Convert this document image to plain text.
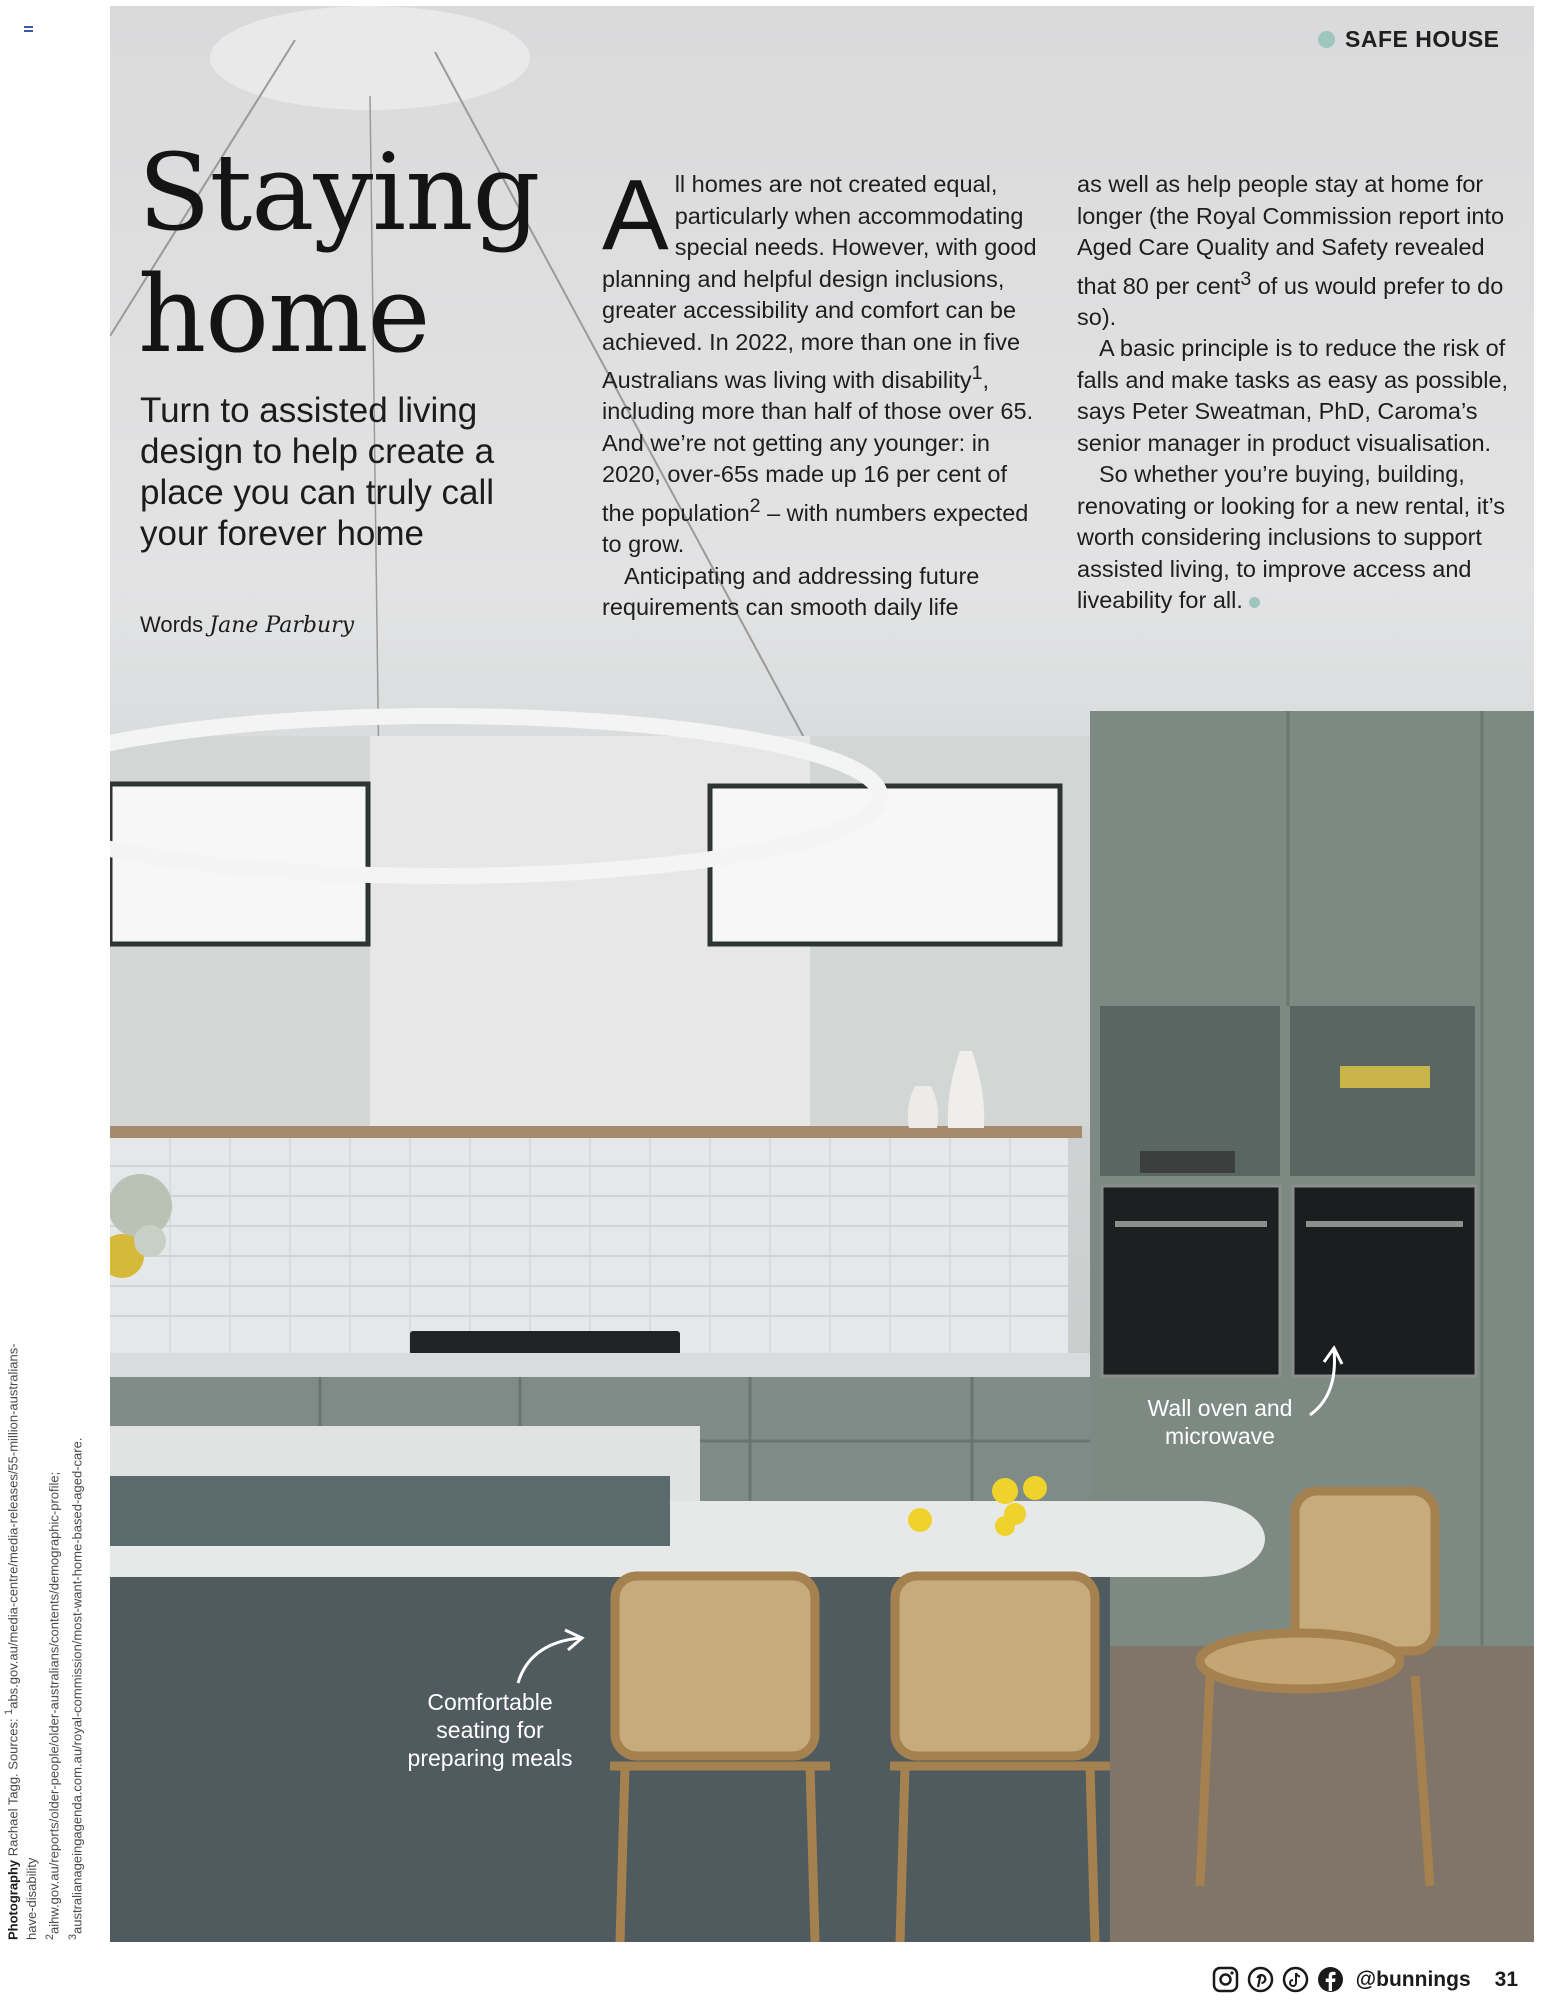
SAFE HOUSE
Staying
home
Turn to assisted living design to help create a place you can truly call your forever home
Words Jane Parbury

All homes are not created equal, particularly when accommodating special needs. However, with good planning and helpful design inclusions, greater accessibility and comfort can be achieved. In 2022, more than one in five Australians was living with disability$^1$, including more than half of those over 65. And we’re not getting any younger: in 2020, over-65s made up 16 per cent of the population$^2$ – with numbers expected to grow.

Anticipating and addressing future requirements can smooth daily life

as well as help people stay at home for longer (the Royal Commission report into Aged Care Quality and Safety revealed that 80 per cent$^3$ of us would prefer to do so).

A basic principle is to reduce the risk of falls and make tasks as easy as possible, says Peter Sweatman, PhD, Caroma’s senior manager in product visualisation.

So whether you’re buying, building, renovating or looking for a new rental, it’s worth considering inclusions to support assisted living, to improve access and liveability for all.

Wall oven and microwave
Comfortable seating for preparing meals

Photography Rachael Tagg. Sources: $^1$abs.gov.au/media-centre/media-releases/55-million-australians-have-disability $^2$aihw.gov.au/reports/older-people/older-australians/contents/demographic-profile;

$^3$australianageingagenda.com.au/royal-commission/most-want-home-based-aged-care.

@bunnings 31
